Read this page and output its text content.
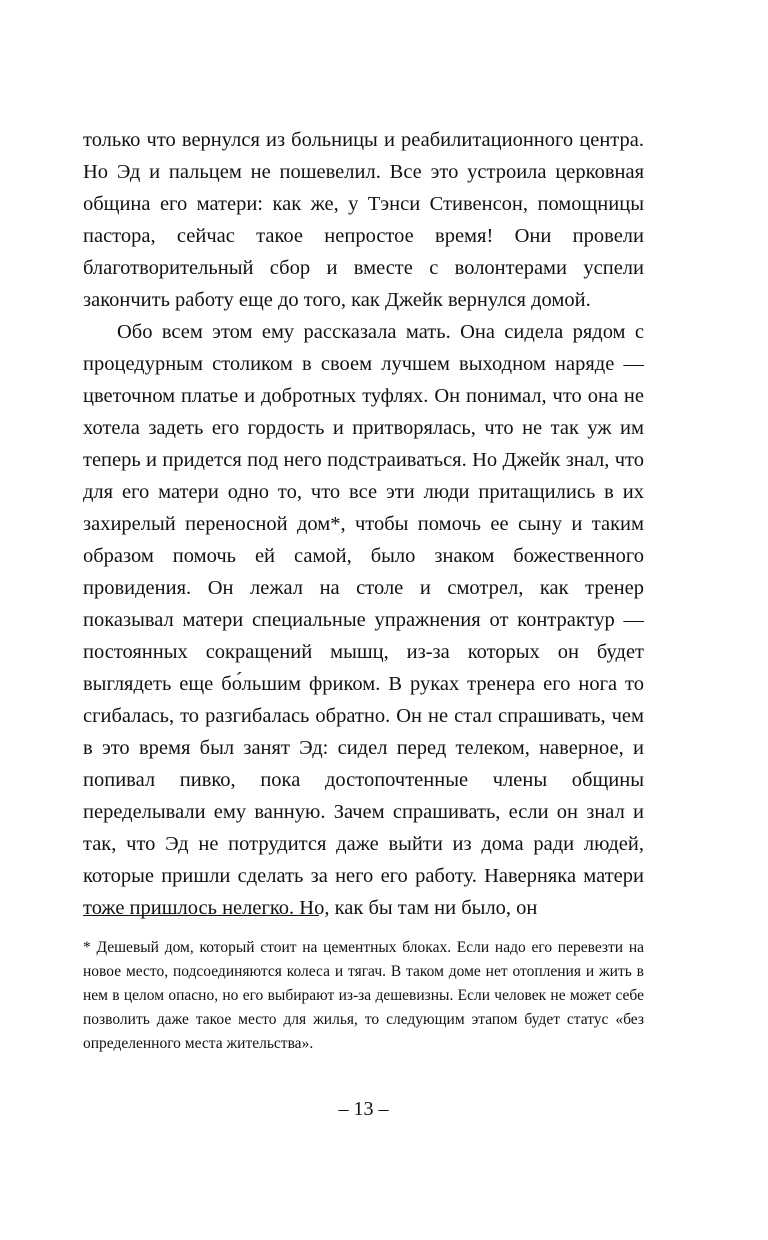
только что вернулся из больницы и реабилитационного центра. Но Эд и пальцем не пошевелил. Все это устроила церковная община его матери: как же, у Тэнси Стивенсон, помощницы пастора, сейчас такое непростое время! Они провели благотворительный сбор и вместе с волонтерами успели закончить работу еще до того, как Джейк вернулся домой.

Обо всем этом ему рассказала мать. Она сидела рядом с процедурным столиком в своем лучшем выходном наряде — цветочном платье и добротных туфлях. Он понимал, что она не хотела задеть его гордость и притворялась, что не так уж им теперь и придется под него подстраиваться. Но Джейк знал, что для его матери одно то, что все эти люди притащились в их захирелый переносной дом*, чтобы помочь ее сыну и таким образом помочь ей самой, было знаком божественного провидения. Он лежал на столе и смотрел, как тренер показывал матери специальные упражнения от контрактур — постоянных сокращений мышц, из-за которых он будет выглядеть еще бо́льшим фриком. В руках тренера его нога то сгибалась, то разгибалась обратно. Он не стал спрашивать, чем в это время был занят Эд: сидел перед телеком, наверное, и попивал пивко, пока достопочтенные члены общины переделывали ему ванную. Зачем спрашивать, если он знал и так, что Эд не потрудится даже выйти из дома ради людей, которые пришли сделать за него его работу. Наверняка матери тоже пришлось нелегко. Но, как бы там ни было, он

* Дешевый дом, который стоит на цементных блоках. Если надо его перевезти на новое место, подсоединяются колеса и тягач. В таком доме нет отопления и жить в нем в целом опасно, но его выбирают из-за дешевизны. Если человек не может себе позволить даже такое место для жилья, то следующим этапом будет статус «без определенного места жительства».

– 13 –
